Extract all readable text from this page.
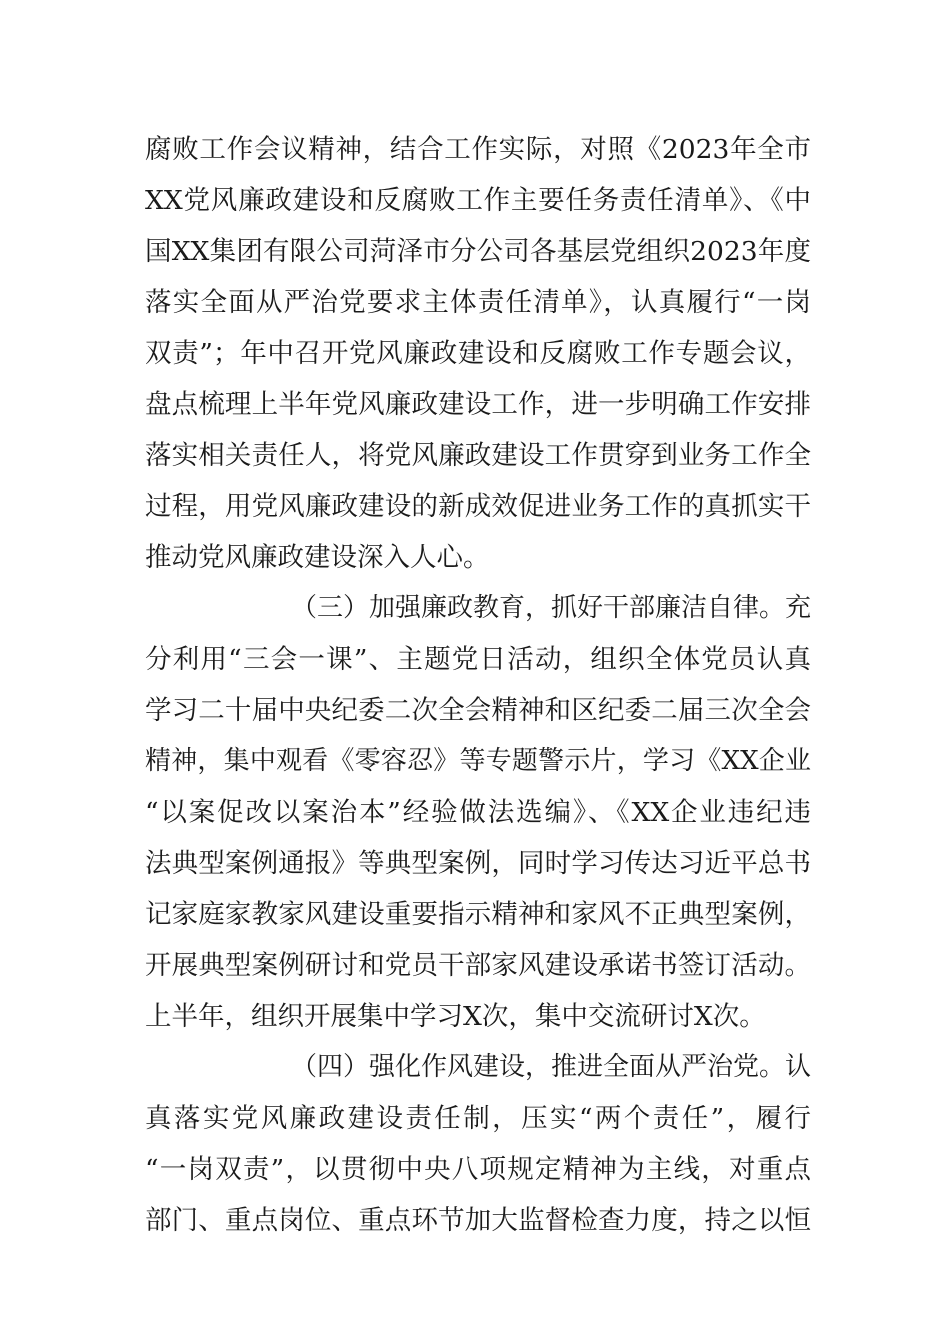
腐败工作会议精神，结合工作实际，对照《2023年全市
XX党风廉政建设和反腐败工作主要任务责任清单》、《中
国XX集团有限公司菏泽市分公司各基层党组织2023年度
落实全面从严治党要求主体责任清单》，认真履行“一岗
双责”；年中召开党风廉政建设和反腐败工作专题会议，
盘点梳理上半年党风廉政建设工作，进一步明确工作安排
落实相关责任人，将党风廉政建设工作贯穿到业务工作全
过程，用党风廉政建设的新成效促进业务工作的真抓实干
推动党风廉政建设深入人心。
（三）加强廉政教育，抓好干部廉洁自律。充
分利用“三会一课”、主题党日活动，组织全体党员认真
学习二十届中央纪委二次全会精神和区纪委二届三次全会
精神，集中观看《零容忍》等专题警示片，学习《XX企业
“以案促改以案治本”经验做法选编》、《XX企业违纪违
法典型案例通报》等典型案例，同时学习传达习近平总书
记家庭家教家风建设重要指示精神和家风不正典型案例，
开展典型案例研讨和党员干部家风建设承诺书签订活动。
上半年，组织开展集中学习X次，集中交流研讨X次。
（四）强化作风建设，推进全面从严治党。认
真落实党风廉政建设责任制，压实“两个责任”，履行
“一岗双责”，以贯彻中央八项规定精神为主线，对重点
部门、重点岗位、重点环节加大监督检查力度，持之以恒
